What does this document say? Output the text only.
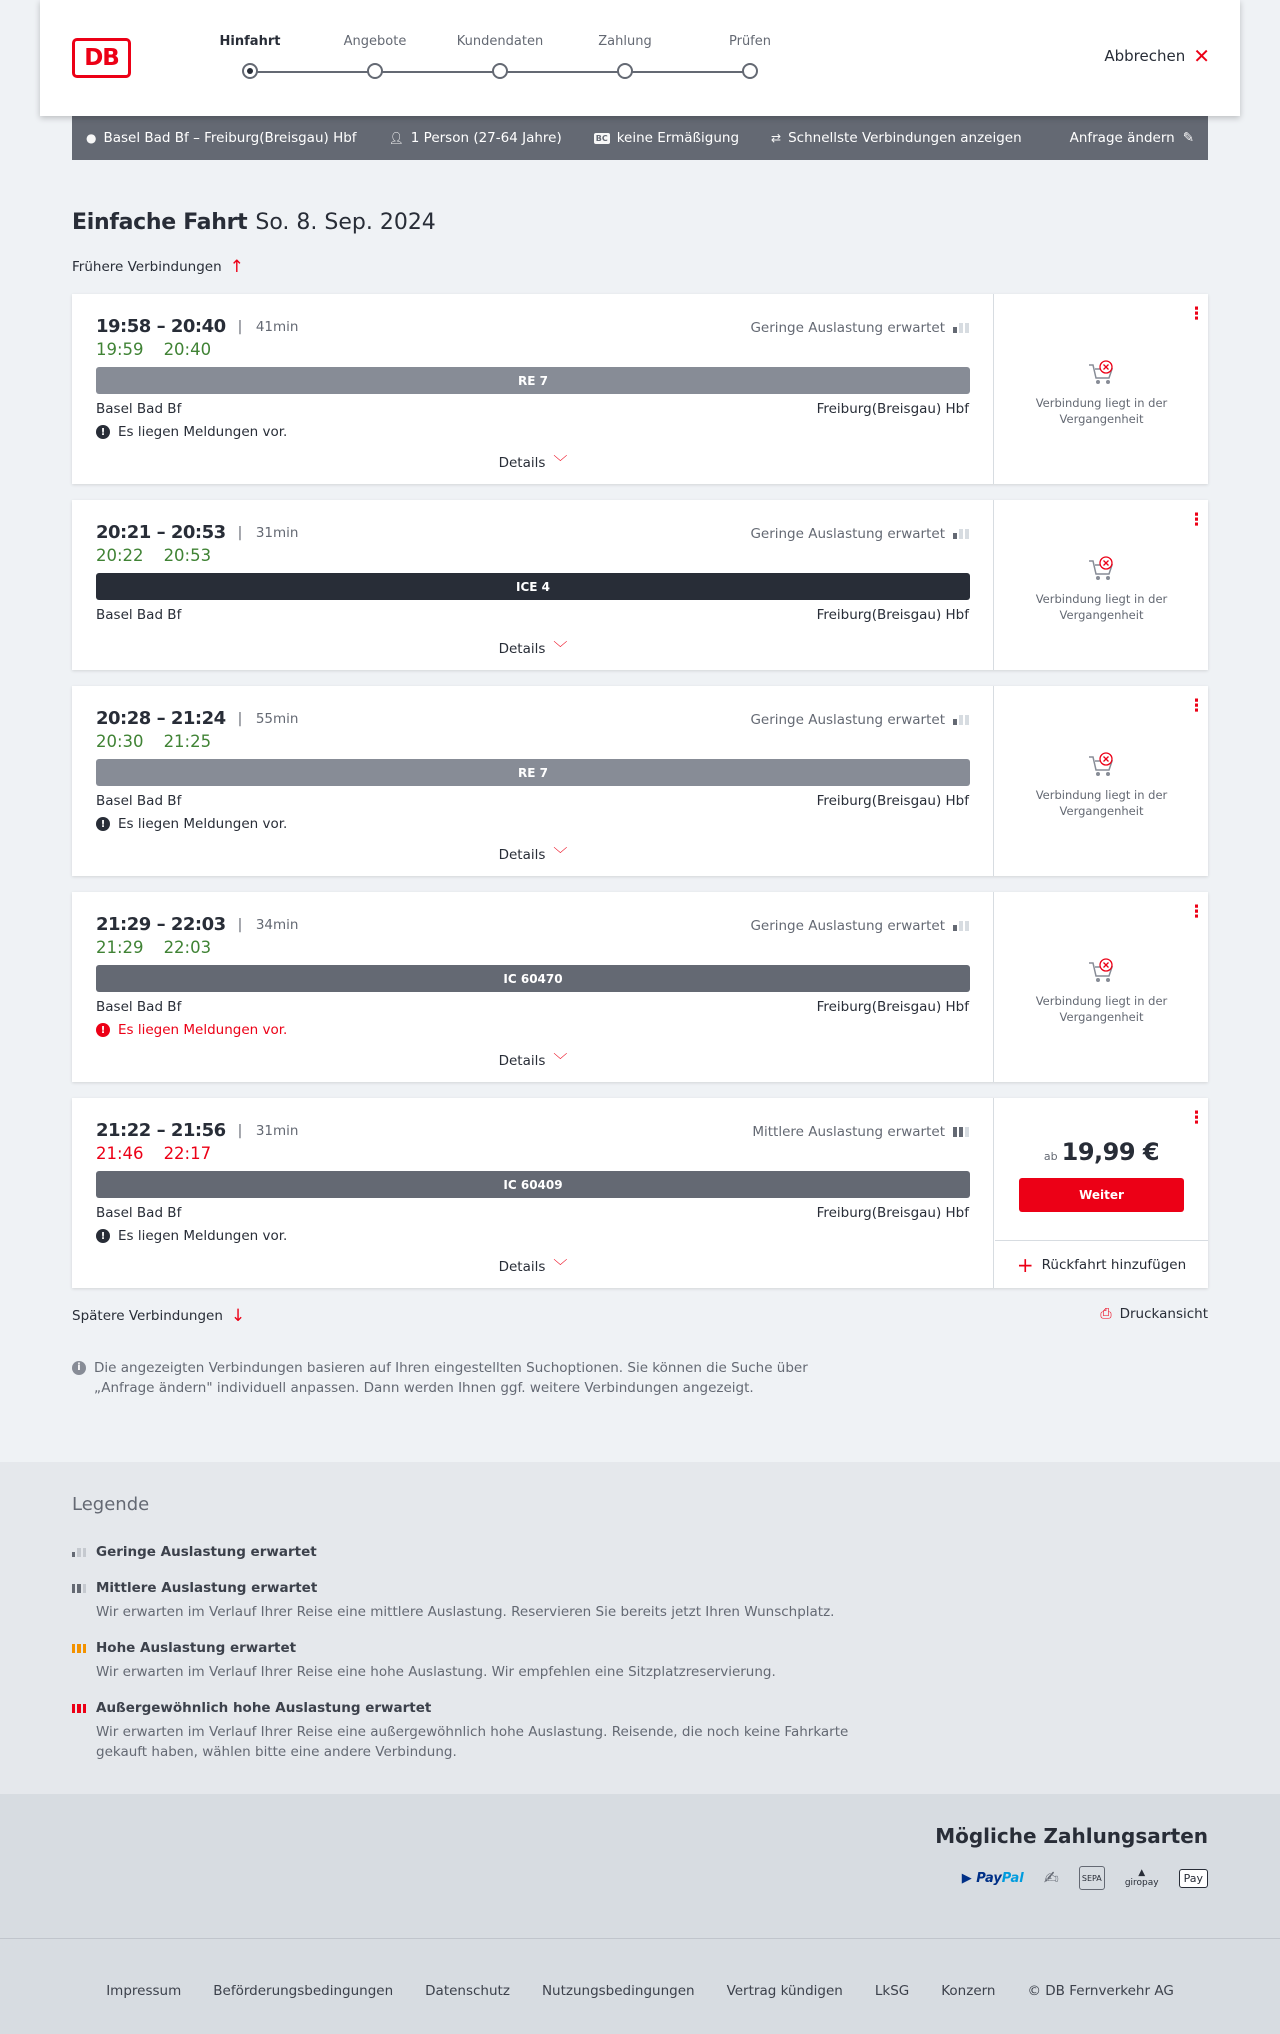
DB
Hinfahrt	Angebote	Kundendaten	Zahlung	Prüfen
Abbrechen ✕
● Basel Bad Bf – Freiburg(Breisgau) Hbf	👤︎ 1 Person (27-64 Jahre)	BC keine Ermäßigung	⇄ Schnellste Verbindungen anzeigen	Anfrage ändern ✎
Einfache Fahrt So. 8. Sep. 2024
Frühere Verbindungen ↑
19:58 – 20:40 | 41min
19:59 20:40
Geringe Auslastung erwartet
RE 7
Basel Bad Bf	Freiburg(Breisgau) Hbf
! Es liegen Meldungen vor.
Details ﹀
⋮
Verbindung liegt in der Vergangenheit
20:21 – 20:53 | 31min
20:22 20:53
Geringe Auslastung erwartet
ICE 4
Basel Bad Bf	Freiburg(Breisgau) Hbf
Details ﹀
⋮
Verbindung liegt in der Vergangenheit
20:28 – 21:24 | 55min
20:30 21:25
Geringe Auslastung erwartet
RE 7
Basel Bad Bf	Freiburg(Breisgau) Hbf
! Es liegen Meldungen vor.
Details ﹀
⋮
Verbindung liegt in der Vergangenheit
21:29 – 22:03 | 34min
21:29 22:03
Geringe Auslastung erwartet
IC 60470
Basel Bad Bf	Freiburg(Breisgau) Hbf
! Es liegen Meldungen vor.
Details ﹀
⋮
Verbindung liegt in der Vergangenheit
21:22 – 21:56 | 31min
21:46 22:17
Mittlere Auslastung erwartet
IC 60409
Basel Bad Bf	Freiburg(Breisgau) Hbf
! Es liegen Meldungen vor.
Details ﹀
⋮
ab 19,99 €
Weiter
+ Rückfahrt hinzufügen
Spätere Verbindungen ↓	⎙ Druckansicht
i Die angezeigten Verbindungen basieren auf Ihren eingestellten Suchoptionen. Sie können die Suche über „Anfrage ändern" individuell anpassen. Dann werden Ihnen ggf. weitere Verbindungen angezeigt.
Legende
Geringe Auslastung erwartet
Mittlere Auslastung erwartet
Wir erwarten im Verlauf Ihrer Reise eine mittlere Auslastung. Reservieren Sie bereits jetzt Ihren Wunschplatz.
Hohe Auslastung erwartet
Wir erwarten im Verlauf Ihrer Reise eine hohe Auslastung. Wir empfehlen eine Sitzplatzreservierung.
Außergewöhnlich hohe Auslastung erwartet
Wir erwarten im Verlauf Ihrer Reise eine außergewöhnlich hohe Auslastung. Reisende, die noch keine Fahrkarte gekauft haben, wählen bitte eine andere Verbindung.
Mögliche Zahlungsarten
▶ PayPal ✍	SEPA	▲
giropay	Pay
Impressum Beförderungsbedingungen Datenschutz Nutzungsbedingungen Vertrag kündigen LkSG Konzern © DB Fernverkehr AG
